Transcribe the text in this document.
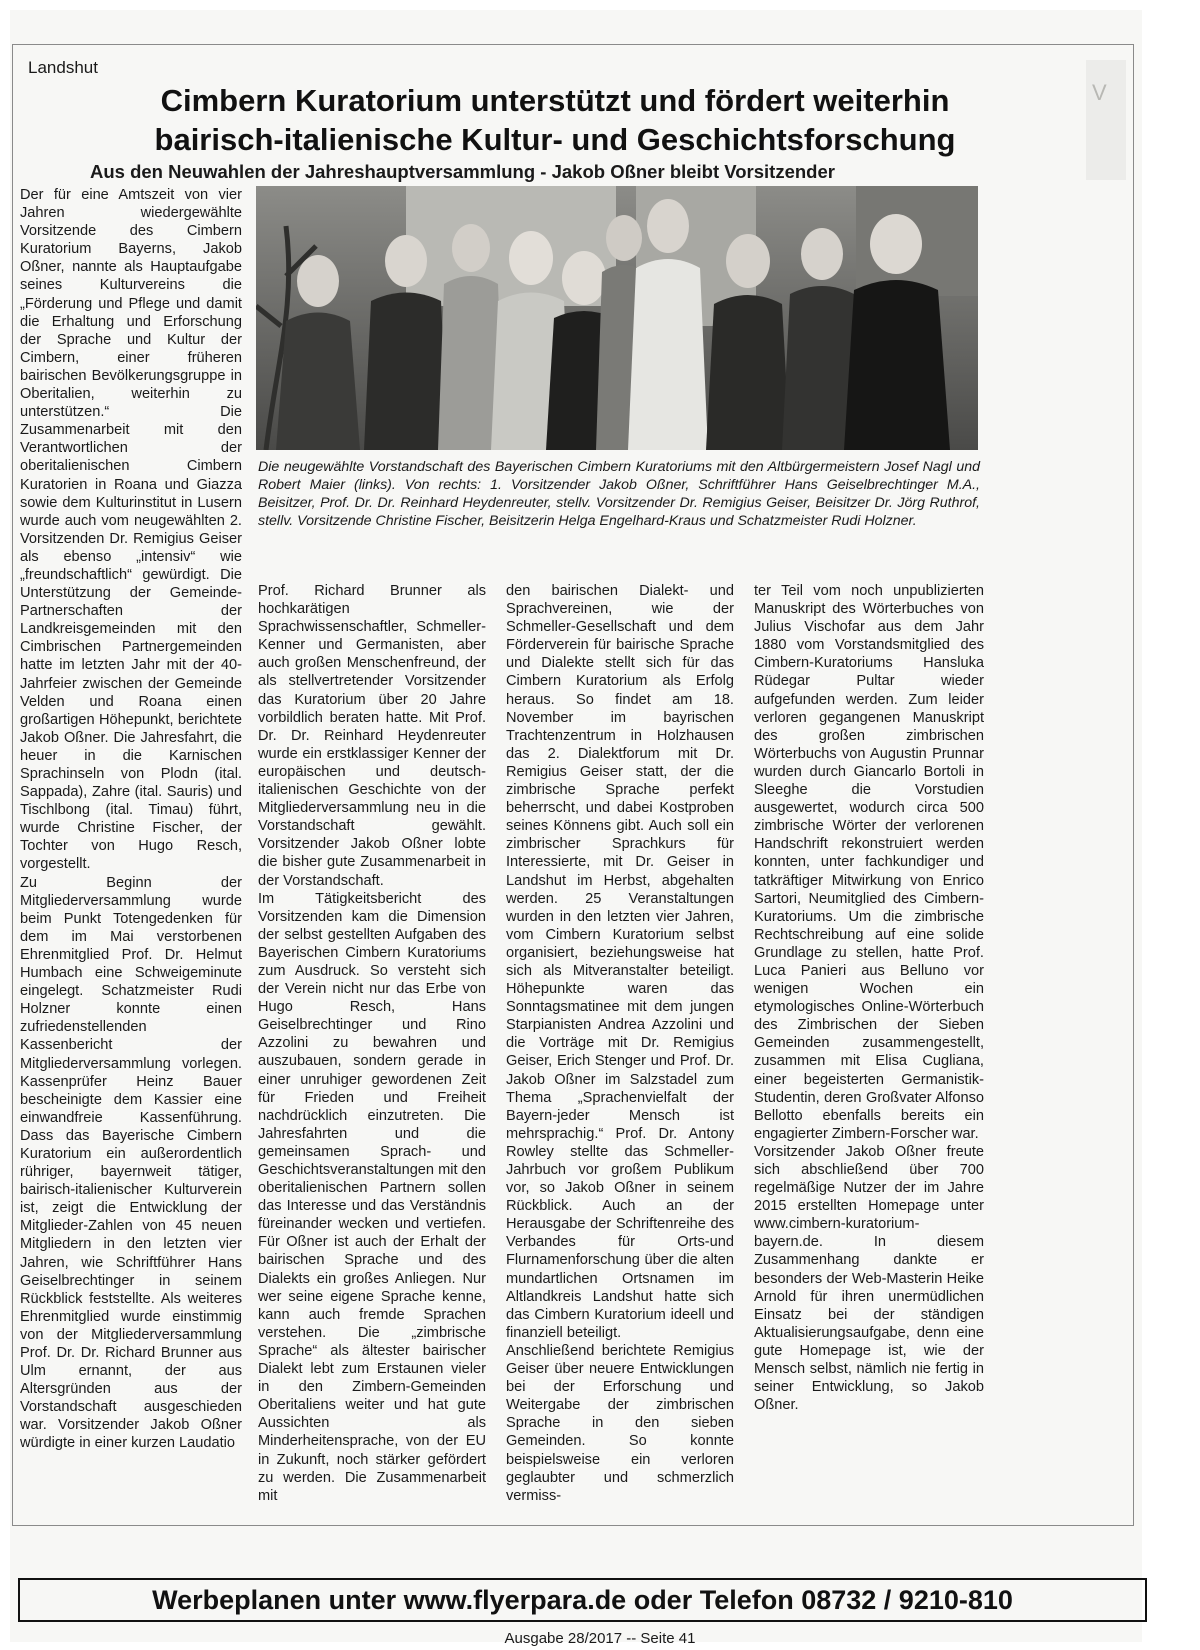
V
Landshut
Cimbern Kuratorium unterstützt und fördert weiterhin
bairisch-italienische Kultur- und Geschichtsforschung
Aus den Neuwahlen der Jahreshauptversammlung - Jakob Oßner bleibt Vorsitzender

Der für eine Amtszeit von vier Jahren wiedergewählte Vorsitzende des Cimbern Kuratorium Bayerns, Jakob Oßner, nannte als Hauptaufgabe seines Kulturvereins die „Förderung und Pflege und damit die Erhaltung und Erforschung der Sprache und Kultur der Cimbern, einer früheren bairischen Bevölkerungsgruppe in Oberitalien, weiterhin zu unterstützen.“ Die Zusammenarbeit mit den Verantwortlichen der oberitalienischen Cimbern Kuratorien in Roana und Giazza sowie dem Kulturinstitut in Lusern wurde auch vom neugewählten 2. Vorsitzenden Dr. Remigius Geiser als ebenso „intensiv“ wie „freundschaftlich“ gewürdigt. Die Unterstützung der Gemeinde-Partnerschaften der Landkreisgemeinden mit den Cimbrischen Partnergemeinden hatte im letzten Jahr mit der 40-Jahrfeier zwischen der Gemeinde Velden und Roana einen großartigen Höhepunkt, berichtete Jakob Oßner. Die Jahresfahrt, die heuer in die Karnischen Sprachinseln von Plodn (ital. Sappada), Zahre (ital. Sauris) und Tischlbong (ital. Timau) führt, wurde Christine Fischer, der Tochter von Hugo Resch, vorgestellt.

Zu Beginn der Mitgliederversammlung wurde beim Punkt Totengedenken für dem im Mai verstorbenen Ehrenmitglied Prof. Dr. Helmut Humbach eine Schweigeminute eingelegt. Schatzmeister Rudi Holzner konnte einen zufriedenstellenden Kassenbericht der Mitgliederversammlung vorlegen. Kassenprüfer Heinz Bauer bescheinigte dem Kassier eine einwandfreie Kassenführung. Dass das Bayerische Cimbern Kuratorium ein außerordentlich rühriger, bayernweit tätiger, bairisch-italienischer Kulturverein ist, zeigt die Entwicklung der Mitglieder-Zahlen von 45 neuen Mitgliedern in den letzten vier Jahren, wie Schriftführer Hans Geiselbrechtinger in seinem Rückblick feststellte. Als weiteres Ehrenmitglied wurde einstimmig von der Mitgliederversammlung Prof. Dr. Dr. Richard Brunner aus Ulm ernannt, der aus Altersgründen aus der Vorstandschaft ausgeschieden war. Vorsitzender Jakob Oßner würdigte in einer kurzen Laudatio

Die neugewählte Vorstandschaft des Bayerischen Cimbern Kuratoriums mit den Altbürgermeistern Josef Nagl und Robert Maier (links). Von rechts: 1. Vorsitzender Jakob Oßner, Schriftführer Hans Geiselbrechtinger M.A., Beisitzer, Prof. Dr. Dr. Reinhard Heydenreuter, stellv. Vorsitzender Dr. Remigius Geiser, Beisitzer Dr. Jörg Ruthrof, stellv. Vorsitzende Christine Fischer, Beisitzerin Helga Engelhard-Kraus und Schatzmeister Rudi Holzner.

Prof. Richard Brunner als hochkarätigen Sprachwissenschaftler, Schmeller-Kenner und Germanisten, aber auch großen Menschenfreund, der als stellvertretender Vorsitzender das Kuratorium über 20 Jahre vorbildlich beraten hatte. Mit Prof. Dr. Dr. Reinhard Heydenreuter wurde ein erstklassiger Kenner der europäischen und deutsch-italienischen Geschichte von der Mitgliederversammlung neu in die Vorstandschaft gewählt. Vorsitzender Jakob Oßner lobte die bisher gute Zusammenarbeit in der Vorstandschaft.

Im Tätigkeitsbericht des Vorsitzenden kam die Dimension der selbst gestellten Aufgaben des Bayerischen Cimbern Kuratoriums zum Ausdruck. So versteht sich der Verein nicht nur das Erbe von Hugo Resch, Hans Geiselbrechtinger und Rino Azzolini zu bewahren und auszubauen, sondern gerade in einer unruhiger gewordenen Zeit für Frieden und Freiheit nachdrücklich einzutreten. Die Jahresfahrten und die gemeinsamen Sprach- und Geschichtsveranstaltungen mit den oberitalienischen Partnern sollen das Interesse und das Verständnis füreinander wecken und vertiefen. Für Oßner ist auch der Erhalt der bairischen Sprache und des Dialekts ein großes Anliegen. Nur wer seine eigene Sprache kenne, kann auch fremde Sprachen verstehen. Die „zimbrische Sprache“ als ältester bairischer Dialekt lebt zum Erstaunen vieler in den Zimbern-Gemeinden Oberitaliens weiter und hat gute Aussichten als Minderheitensprache, von der EU in Zukunft, noch stärker gefördert zu werden. Die Zusammenarbeit mit

den bairischen Dialekt- und Sprachvereinen, wie der Schmeller-Gesellschaft und dem Förderverein für bairische Sprache und Dialekte stellt sich für das Cimbern Kuratorium als Erfolg heraus. So findet am 18. November im bayrischen Trachtenzentrum in Holzhausen das 2. Dialektforum mit Dr. Remigius Geiser statt, der die zimbrische Sprache perfekt beherrscht, und dabei Kostproben seines Könnens gibt. Auch soll ein zimbrischer Sprachkurs für Interessierte, mit Dr. Geiser in Landshut im Herbst, abgehalten werden. 25 Veranstaltungen wurden in den letzten vier Jahren, vom Cimbern Kuratorium selbst organisiert, beziehungsweise hat sich als Mitveranstalter beteiligt. Höhepunkte waren das Sonntagsmatinee mit dem jungen Starpianisten Andrea Azzolini und die Vorträge mit Dr. Remigius Geiser, Erich Stenger und Prof. Dr. Jakob Oßner im Salzstadel zum Thema „Sprachenvielfalt der Bayern-jeder Mensch ist mehrsprachig.“ Prof. Dr. Antony Rowley stellte das Schmeller-Jahrbuch vor großem Publikum vor, so Jakob Oßner in seinem Rückblick. Auch an der Herausgabe der Schriftenreihe des Verbandes für Orts-und Flurnamenforschung über die alten mundartlichen Ortsnamen im Altlandkreis Landshut hatte sich das Cimbern Kuratorium ideell und finanziell beteiligt.

Anschließend berichtete Remigius Geiser über neuere Entwicklungen bei der Erforschung und Weitergabe der zimbrischen Sprache in den sieben Gemeinden. So konnte beispielsweise ein verloren geglaubter und schmerzlich vermiss-

ter Teil vom noch unpublizierten Manuskript des Wörterbuches von Julius Vischofar aus dem Jahr 1880 vom Vorstandsmitglied des Cimbern-Kuratoriums Hansluka Rüdegar Pultar wieder aufgefunden werden. Zum leider verloren gegangenen Manuskript des großen zimbrischen Wörterbuchs von Augustin Prunnar wurden durch Giancarlo Bortoli in Sleeghe die Vorstudien ausgewertet, wodurch circa 500 zimbrische Wörter der verlorenen Handschrift rekonstruiert werden konnten, unter fachkundiger und tatkräftiger Mitwirkung von Enrico Sartori, Neumitglied des Cimbern-Kuratoriums. Um die zimbrische Rechtschreibung auf eine solide Grundlage zu stellen, hatte Prof. Luca Panieri aus Belluno vor wenigen Wochen ein etymologisches Online-Wörterbuch des Zimbrischen der Sieben Gemeinden zusammengestellt, zusammen mit Elisa Cugliana, einer begeisterten Germanistik-Studentin, deren Großvater Alfonso Bellotto ebenfalls bereits ein engagierter Zimbern-Forscher war.

Vorsitzender Jakob Oßner freute sich abschließend über 700 regelmäßige Nutzer der im Jahre 2015 erstellten Homepage unter www.cimbern-kuratorium-bayern.de. In diesem Zusammenhang dankte er besonders der Web-Masterin Heike Arnold für ihren unermüdlichen Einsatz bei der ständigen Aktualisierungsaufgabe, denn eine gute Homepage ist, wie der Mensch selbst, nämlich nie fertig in seiner Entwicklung, so Jakob Oßner.

Werbeplanen unter www.flyerpara.de oder Telefon 08732 / 9210-810
Ausgabe 28/2017 -- Seite 41
